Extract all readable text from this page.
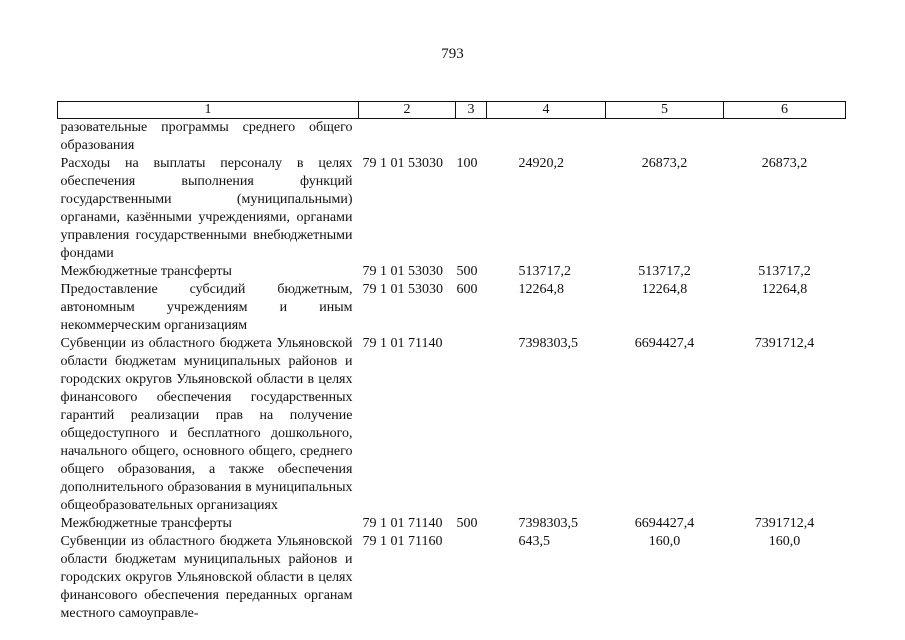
793
1	2	3	4	5	6
разовательные программы среднего общего образования					
Расходы на выплаты персоналу в целях обеспечения выполнения функций государственными (муниципальными) органами, казёнными учреждениями, органами управления государственными внебюджетными фондами	79 1 01 53030	100	24920,2	26873,2	26873,2
Межбюджетные трансферты	79 1 01 53030	500	513717,2	513717,2	513717,2
Предоставление субсидий бюджетным, автономным учреждениям и иным некоммерческим организациям	79 1 01 53030	600	12264,8	12264,8	12264,8
Субвенции из областного бюджета Ульяновской области бюджетам муниципальных районов и городских округов Ульяновской области в целях финансового обеспечения государственных гарантий реализации прав на получение общедоступного и бесплатного дошкольного, начального общего, основного общего, среднего общего образования, а также обеспечения дополнительного образования в муниципальных общеобразовательных организациях	79 1 01 71140		7398303,5	6694427,4	7391712,4
Межбюджетные трансферты	79 1 01 71140	500	7398303,5	6694427,4	7391712,4
Субвенции из областного бюджета Ульяновской области бюджетам муниципальных районов и городских округов Ульяновской области в целях финансового обеспечения переданных органам местного самоуправле-	79 1 01 71160		643,5	160,0	160,0
